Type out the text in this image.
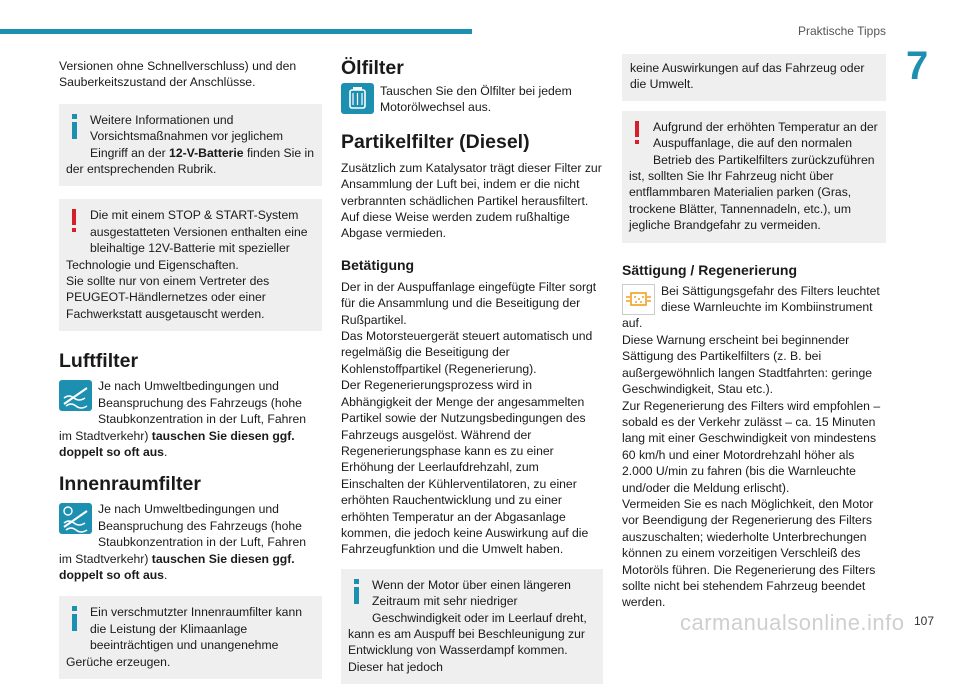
Praktische Tipps
7

Versionen ohne Schnellverschluss) und den Sauberkeitszustand der Anschlüsse.

Weitere Informationen und Vorsichtsmaßnahmen vor jeglichem Eingriff an der 12-V-Batterie finden Sie in der entsprechenden Rubrik.

Die mit einem STOP & START-System ausgestatteten Versionen enthalten eine bleihaltige 12V-Batterie mit spezieller Technologie und Eigenschaften.
Sie sollte nur von einem Vertreter des PEUGEOT-Händlernetzes oder einer Fachwerkstatt ausgetauscht werden.

Luftfilter

Je nach Umweltbedingungen und Beanspruchung des Fahrzeugs (hohe Staubkonzentration in der Luft, Fahren im Stadtverkehr) tauschen Sie diesen ggf. doppelt so oft aus.

Innenraumfilter

Je nach Umweltbedingungen und Beanspruchung des Fahrzeugs (hohe Staubkonzentration in der Luft, Fahren im Stadtverkehr) tauschen Sie diesen ggf. doppelt so oft aus.

Ein verschmutzter Innenraumfilter kann die Leistung der Klimaanlage beeinträchtigen und unangenehme Gerüche erzeugen.

Ölfilter

Tauschen Sie den Ölfilter bei jedem Motorölwechsel aus.

Partikelfilter (Diesel)

Zusätzlich zum Katalysator trägt dieser Filter zur Ansammlung der Luft bei, indem er die nicht verbrannten schädlichen Partikel herausfiltert. Auf diese Weise werden zudem rußhaltige Abgase vermieden.

Betätigung

Der in der Auspuffanlage eingefügte Filter sorgt für die Ansammlung und die Beseitigung der Rußpartikel.
Das Motorsteuergerät steuert automatisch und regelmäßig die Beseitigung der Kohlenstoffpartikel (Regenerierung).
Der Regenerierungsprozess wird in Abhängigkeit der Menge der angesammelten Partikel sowie der Nutzungsbedingungen des Fahrzeugs ausgelöst. Während der Regenerierungsphase kann es zu einer Erhöhung der Leerlaufdrehzahl, zum Einschalten der Kühlerventilatoren, zu einer erhöhten Rauchentwicklung und zu einer erhöhten Temperatur an der Abgasanlage kommen, die jedoch keine Auswirkung auf die Fahrzeugfunktion und die Umwelt haben.

Wenn der Motor über einen längeren Zeitraum mit sehr niedriger Geschwindigkeit oder im Leerlauf dreht, kann es am Auspuff bei Beschleunigung zur Entwicklung von Wasserdampf kommen. Dieser hat jedoch

keine Auswirkungen auf das Fahrzeug oder die Umwelt.

Aufgrund der erhöhten Temperatur an der Auspuffanlage, die auf den normalen Betrieb des Partikelfilters zurückzuführen ist, sollten Sie Ihr Fahrzeug nicht über entflammbaren Materialien parken (Gras, trockene Blätter, Tannennadeln, etc.), um jegliche Brandgefahr zu vermeiden.

Sättigung / Regenerierung

Bei Sättigungsgefahr des Filters leuchtet diese Warnleuchte im Kombiinstrument auf.
Diese Warnung erscheint bei beginnender Sättigung des Partikelfilters (z. B. bei außergewöhnlich langen Stadtfahrten: geringe Geschwindigkeit, Stau etc.).
Zur Regenerierung des Filters wird empfohlen – sobald es der Verkehr zulässt – ca. 15 Minuten lang mit einer Geschwindigkeit von mindestens 60 km/h und einer Motordrehzahl höher als 2.000 U/min zu fahren (bis die Warnleuchte und/oder die Meldung erlischt).
Vermeiden Sie es nach Möglichkeit, den Motor vor Beendigung der Regenerierung des Filters auszuschalten; wiederholte Unterbrechungen können zu einem vorzeitigen Verschleiß des Motoröls führen. Die Regenerierung des Filters sollte nicht bei stehendem Fahrzeug beendet werden.

carmanualsonline.info 107
